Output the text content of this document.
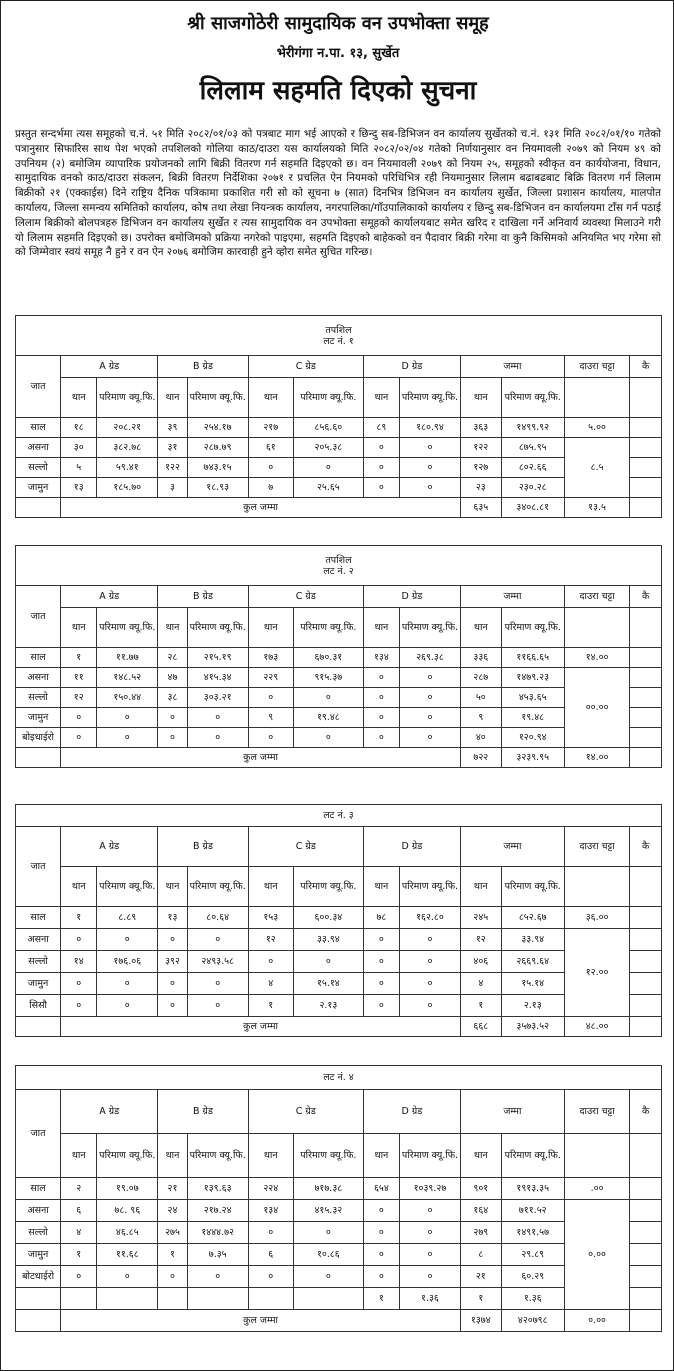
श्री साजगोठेरी सामुदायिक वन उपभोक्ता समूह
भेरीगंगा न.पा. १३, सुर्खेत
लिलाम सहमति दिएको सुचना
प्रस्तुत सन्दर्भमा त्यस समूहको च.नं. ५१ मिति २०८२/०१/०३ को पत्रबाट माग भई आएको र छिन्दु सब-डिभिजन वन कार्यालय सुर्खेतको च.नं. १३१ मिति २०८२/०१/१० गतेको पत्रानुसार सिफारिस साथ पेश भएको तपशिलको गोलिया काठ/दाउरा यस कार्यालयको मिति २०८२/०२/०४ गतेको निर्णयानुसार वन नियमावली २०७९ को नियम ४९ को उपनियम (२) बमोजिम व्यापारिक प्रयोजनको लागि बिक्री वितरण गर्न सहमति दिइएको छ। वन नियमावली २०७९ को नियम २५, समूहको स्वीकृत वन कार्ययोजना, विधान, सामुदायिक वनको काठ/दाउरा संकलन, बिक्री वितरण निर्देशिका २०७१ र प्रचलित ऐन नियमको परिधिभित्र रही नियमानुसार लिलाम बढाबढबाट बिक्रि वितरण गर्न लिलाम बिक्रीको २१ (एक्काईस) दिने राष्ट्रिय दैनिक पत्रिकामा प्रकाशित गरी सो को सूचना ७ (सात) दिनभित्र डिभिजन वन कार्यालय सुर्खेत, जिल्ला प्रशासन कार्यालय, मालपोत कार्यालय, जिल्ला समन्वय समितिको कार्यालय, कोष तथा लेखा नियन्त्रक कार्यालय, नगरपालिका/गाँउपालिकाको कार्यालय र छिन्दु सब-डिभिजन वन कार्यालयमा टाँस गर्न पठाई लिलाम बिक्रीको बोलपत्रहरु डिभिजन वन कार्यालय सुर्खेत र त्यस सामुदायिक वन उपभोक्ता समूहको कार्यालयबाट समेत खरिद र दाखिला गर्ने अनिवार्य व्यवस्था मिलाउने गरी यो लिलाम सहमति दिइएको छ। उपरोक्त बमोजिमको प्रक्रिया नगरेको पाइएमा, सहमति दिइएको बाहेकको वन पैदावार बिक्री गरेमा वा कुनै किसिमको अनियमित भए गरेमा सो को जिम्मेवार स्वयं समूह नै हुने र वन ऐन २०७६ बमोजिम कारवाही हुने व्होरा समेत सुचित गरिन्छ।
तपशिल
लट नं. १												

जात	A ग्रेड		B ग्रेड		C ग्रेड		D ग्रेड		जम्मा		दाउरा चट्टा	कै
	थान	परिमाण क्यू.फि.	थान	परिमाण क्यू.फि.	थान	परिमाण क्यू.फि.	थान	परिमाण क्यू.फि.	थान	परिमाण क्यू.फि.		
साल	१८	२०८.२१	३९	२५४.१७	२१७	८५६.६०	८९	१८०.९४	३६३	१४९९.९२	५.००	
असना	३०	३८२.७८	३१	२८७.७९	६१	२०५.३८	०	०	१२२	८७५.९५	८.५	
सल्लो	५	५९.४१	१२२	७४३.१५	०	०	०	०	१२७	८०२.६६		
जामुन	१३	१८५.७०	३	१८.९३	७	२५.६५	०	०	२३	२३०.२८		
	कुल जम्मा								६३५	३४०८.८१	१३.५	
तपशिल
लट नं. २												

जात	A ग्रेड		B ग्रेड		C ग्रेड		D ग्रेड		जम्मा		दाउरा चट्टा	कै
	थान	परिमाण क्यू.फि.	थान	परिमाण क्यू.फि.	थान	परिमाण क्यू.फि.	थान	परिमाण क्यू.फि.	थान	परिमाण क्यू.फि.		
साल	१	११.७७	२८	२१५.१९	१७३	६७०.३१	१३४	२६९.३८	३३६	११६६.६५	१४.००	
असना	११	१४८.५२	४७	४१५.३४	२२९	९१५.३७	०	०	२८७	१४७९.२३	००.००	
सल्लो	१२	१५०.४४	३८	३०३.२१	०	०	०	०	५०	४५३.६५		
जामुन	०	०	०	०	९	१९.४८	०	०	९	१९.४८		
बोइधाईरो	०	०	०	०	०	०	०	०	४०	१२०.९४		
	कुल जम्मा								७२२	३२३९.९५	१४.००	
लट नं. ३												

जात	A ग्रेड		B ग्रेड		C ग्रेड		D ग्रेड		जम्मा		दाउरा चट्टा	कै
	थान	परिमाण क्यू.फि.	थान	परिमाण क्यू.फि.	थान	परिमाण क्यू.फि.	थान	परिमाण क्यू.फि.	थान	परिमाण क्यू.फि.		
साल	१	८.८९	१३	८०.६४	१५३	६००.३४	७८	१६२.८०	२४५	८५२.६७	३६.००	
असना	०	०	०	०	१२	३३.९४	०	०	१२	३३.९४	१२.००	
सल्लो	१४	१७६.०६	३९२	२४९३.५८	०	०	०	०	४०६	२६६९.६४		
जामुन	०	०	०	०	४	१५.१४	०	०	४	१५.१४		
सिसौ	०	०	०	०	१	२.१३	०	०	१	२.१३		
	कुल जम्मा								६६८	३५७३.५२	४८.००	
लट नं. ४												

जात	A ग्रेड		B ग्रेड		C ग्रेड		D ग्रेड		जम्मा		दाउरा चट्टा	कै
	थान	परिमाण क्यू.फि.	थान	परिमाण क्यू.फि.	थान	परिमाण क्यू.फि.	थान	परिमाण क्यू.फि.	थान	परिमाण क्यू.फि.		
साल	२	१९.०७	२१	१३९.६३	२२४	७१७.३८	६५४	१०३९.२७	९०१	१९१३.३५	.००	
असना	६	७८. ९६	२४	२१७.२४	१३४	४१५.३२	०	०	१६४	७११.५२	०.००	
सल्लो	४	४६.८५	२७५	१४४४.७२	०	०	०	०	२७९	१४९१.५७		
जामुन	१	११.६८	१	७.३५	६	१०.८६	०	०	८	२९.८९		
बोटधाईरो	०	०	०	०	०	०	०	०	२१	६०.२९		
							१	१.३६	१	१.३६		
	कुल जम्मा								१३७४	४२०७९८	०.००	
